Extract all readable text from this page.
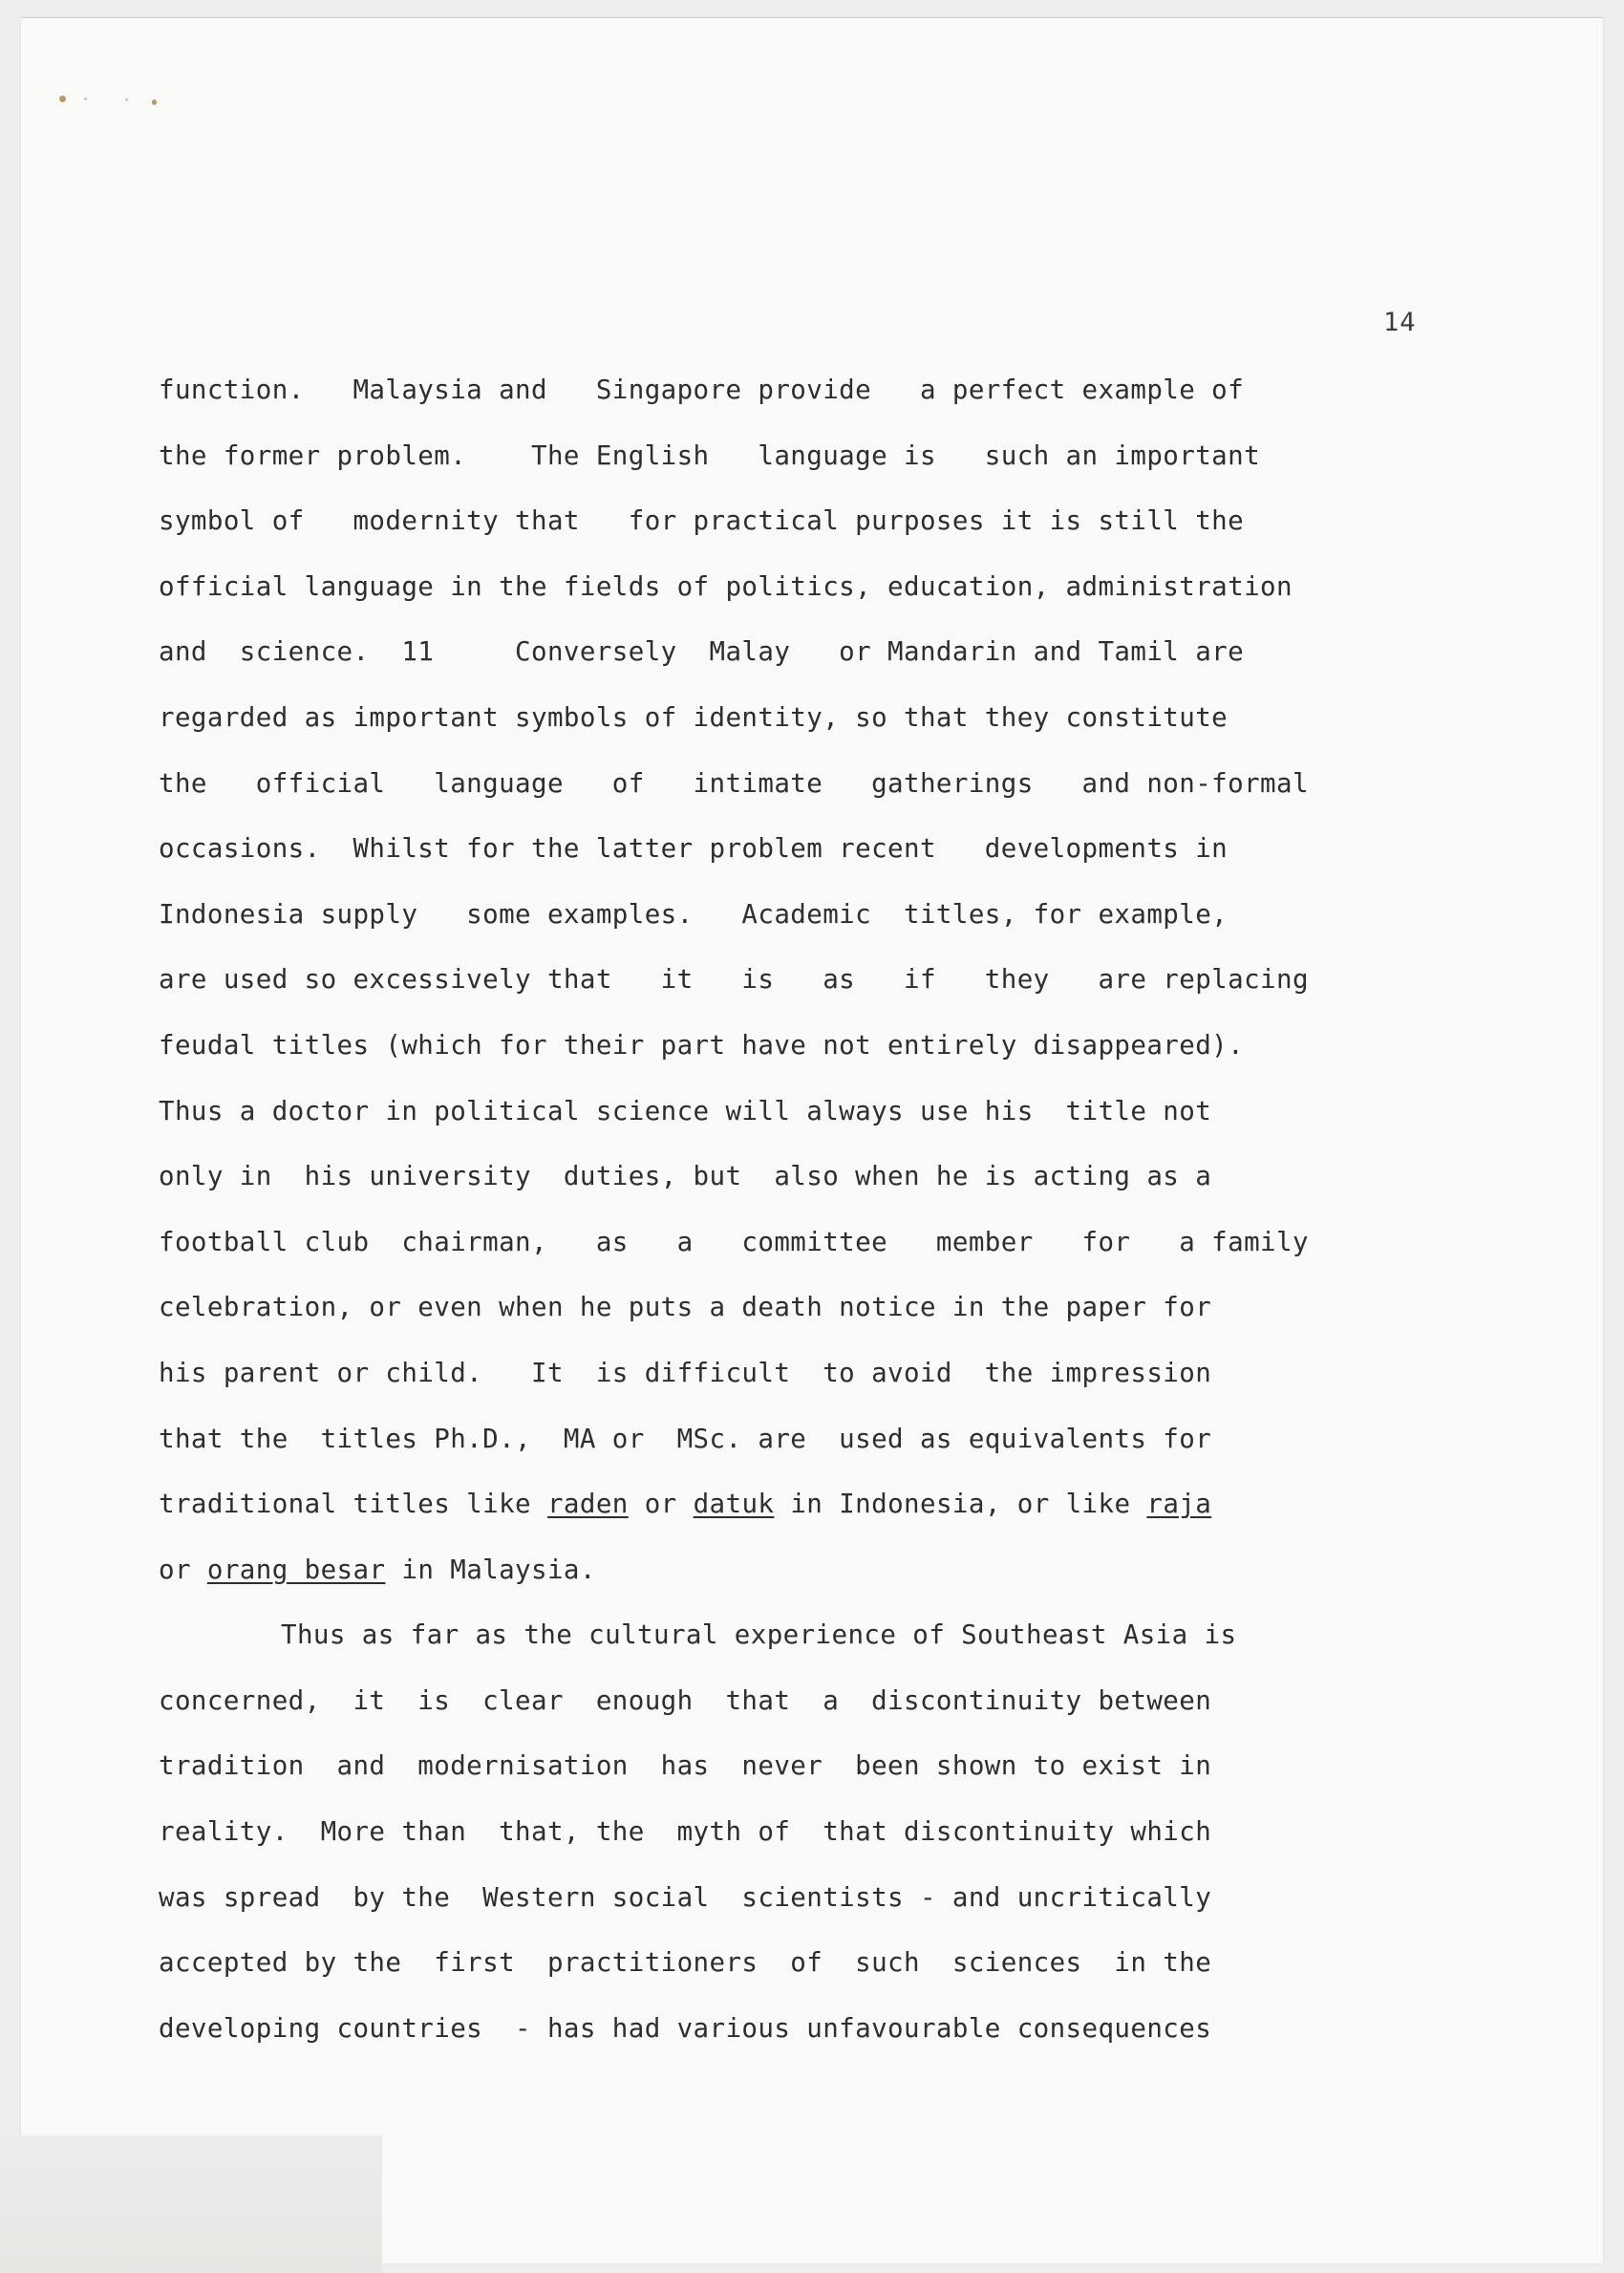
14
function.   Malaysia and   Singapore provide   a perfect example of
the former problem.    The English   language is   such an important
symbol of   modernity that   for practical purposes it is still the
official language in the fields of politics, education, administration
and  science.  11     Conversely  Malay   or Mandarin and Tamil are
regarded as important symbols of identity, so that they constitute
the   official   language   of   intimate   gatherings   and non-formal
occasions.  Whilst for the latter problem recent   developments in
Indonesia supply   some examples.   Academic  titles, for example,
are used so excessively that   it   is   as   if   they   are replacing
feudal titles (which for their part have not entirely disappeared).
Thus a doctor in political science will always use his  title not
only in  his university  duties, but  also when he is acting as a
football club  chairman,   as   a   committee   member   for   a family
celebration, or even when he puts a death notice in the paper for
his parent or child.   It  is difficult  to avoid  the impression
that the  titles Ph.D.,  MA or  MSc. are  used as equivalents for
traditional titles like raden or datuk in Indonesia, or like raja
or orang besar in Malaysia.
Thus as far as the cultural experience of Southeast Asia is
concerned,  it  is  clear  enough  that  a  discontinuity between
tradition  and  modernisation  has  never  been shown to exist in
reality.  More than  that, the  myth of  that discontinuity which
was spread  by the  Western social  scientists - and uncritically
accepted by the  first  practitioners  of  such  sciences  in the
developing countries  - has had various unfavourable consequences
